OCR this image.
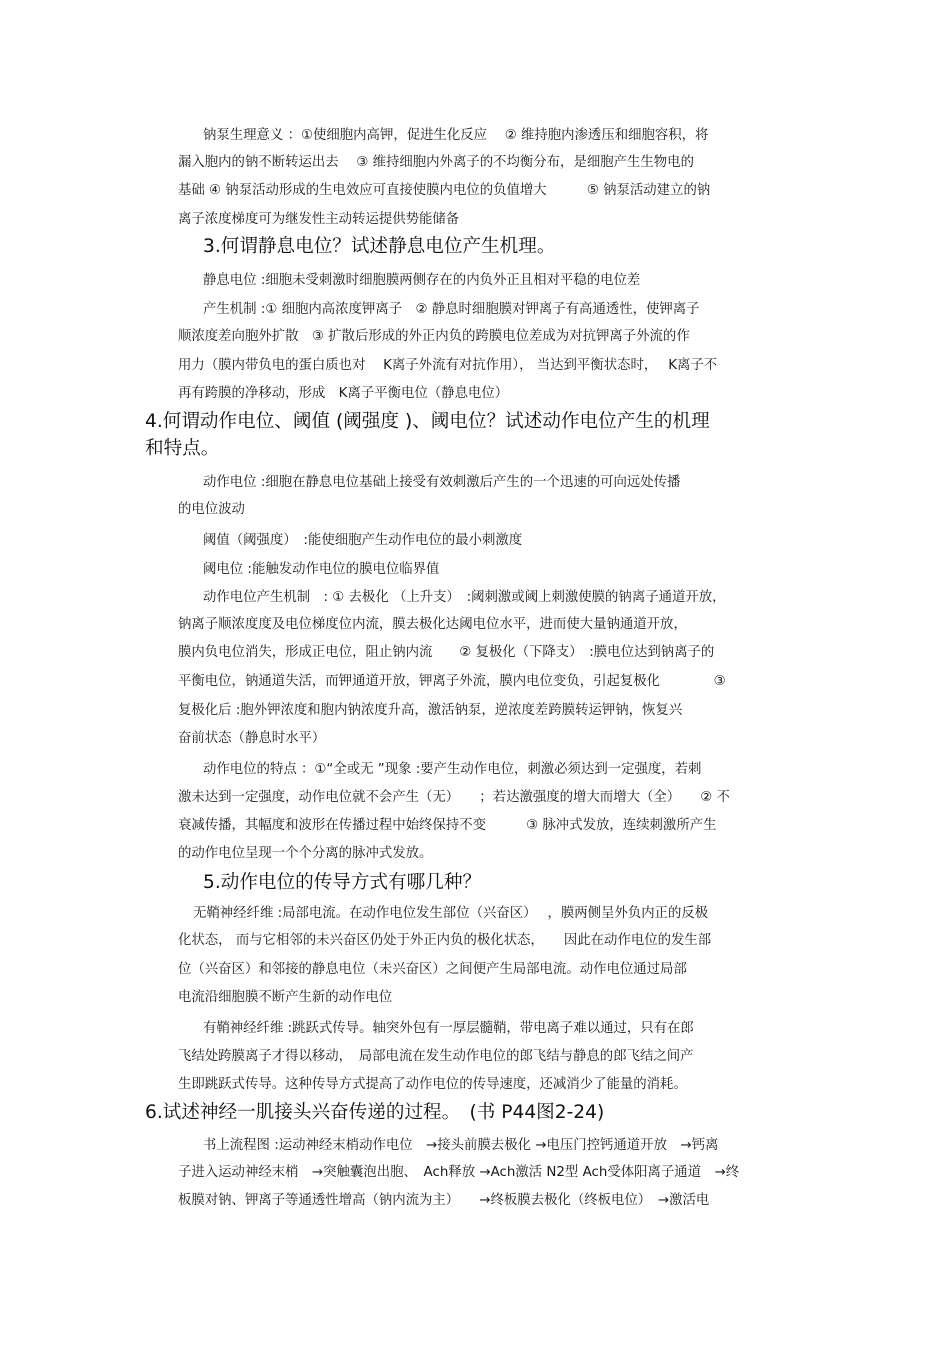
钠泵生理意义 ：①使细胞内高钾，促进生化反应　 ② 维持胞内渗透压和细胞容积，将
漏入胞内的钠不断转运出去　 ③ 维持细胞内外离子的不均衡分布，是细胞产生生物电的
基础 ④ 钠泵活动形成的生电效应可直接使膜内电位的负值增大　　　⑤ 钠泵活动建立的钠
离子浓度梯度可为继发性主动转运提供势能储备
3.何谓静息电位？试述静息电位产生机理。
静息电位 :细胞未受刺激时细胞膜两侧存在的内负外正且相对平稳的电位差
产生机制 :① 细胞内高浓度钾离子　② 静息时细胞膜对钾离子有高通透性，使钾离子
顺浓度差向胞外扩散　③ 扩散后形成的外正内负的跨膜电位差成为对抗钾离子外流的作
用力（膜内带负电的蛋白质也对　 K离子外流有对抗作用）， 当达到平衡状态时，　 K离子不
再有跨膜的净移动，形成　K离子平衡电位（静息电位）
4.何谓动作电位、阈值 (阈强度 )、阈电位？试述动作电位产生的机理
和特点。
动作电位 :细胞在静息电位基础上接受有效刺激后产生的一个迅速的可向远处传播
的电位波动
阈值（阈强度）　:能使细胞产生动作电位的最小刺激度
阈电位 :能触发动作电位的膜电位临界值
动作电位产生机制　: ① 去极化 （上升支）　:阈刺激或阈上刺激使膜的钠离子通道开放，
钠离子顺浓度度及电位梯度位内流，膜去极化达阈电位水平，进而使大量钠通道开放，
膜内负电位消失，形成正电位，阻止钠内流　　② 复极化（下降支）　:膜电位达到钠离子的
平衡电位，钠通道失活，而钾通道开放，钾离子外流，膜内电位变负，引起复极化　　　　③
复极化后 :胞外钾浓度和胞内钠浓度升高，激活钠泵，逆浓度差跨膜转运钾钠，恢复兴
奋前状态（静息时水平）
动作电位的特点 ：①“全或无 ”现象 :要产生动作电位，刺激必须达到一定强度，若刺
激未达到一定强度，动作电位就不会产生（无）　　；若达激强度的增大而增大（全）　　② 不
衰减传播，其幅度和波形在传播过程中始终保持不变　　　③ 脉冲式发放，连续刺激所产生
的动作电位呈现一个个分离的脉冲式发放。
5.动作电位的传导方式有哪几种？
无鞘神经纤维 :局部电流。在动作电位发生部位（兴奋区）　 ，膜两侧呈外负内正的反极
化状态， 而与它相邻的未兴奋区仍处于外正内负的极化状态，　　因此在动作电位的发生部
位（兴奋区）和邻接的静息电位（未兴奋区）之间便产生局部电流。动作电位通过局部
电流沿细胞膜不断产生新的动作电位
有鞘神经纤维 :跳跃式传导。轴突外包有一厚层髓鞘，带电离子难以通过，只有在郎
飞结处跨膜离子才得以移动，　局部电流在发生动作电位的郎飞结与静息的郎飞结之间产
生即跳跃式传导。这种传导方式提高了动作电位的传导速度，还减消少了能量的消耗。
6.试述神经一肌接头兴奋传递的过程。　(书 P44图2-24)
书上流程图 :运动神经末梢动作电位　→接头前膜去极化 →电压门控钙通道开放　→钙离
子进入运动神经末梢　→突触囊泡出胞、　Ach释放 →Ach激活 N2型 Ach受体阳离子通道　→终
板膜对钠、钾离子等通透性增高（钠内流为主）　　→终板膜去极化（终板电位）　→激活电
